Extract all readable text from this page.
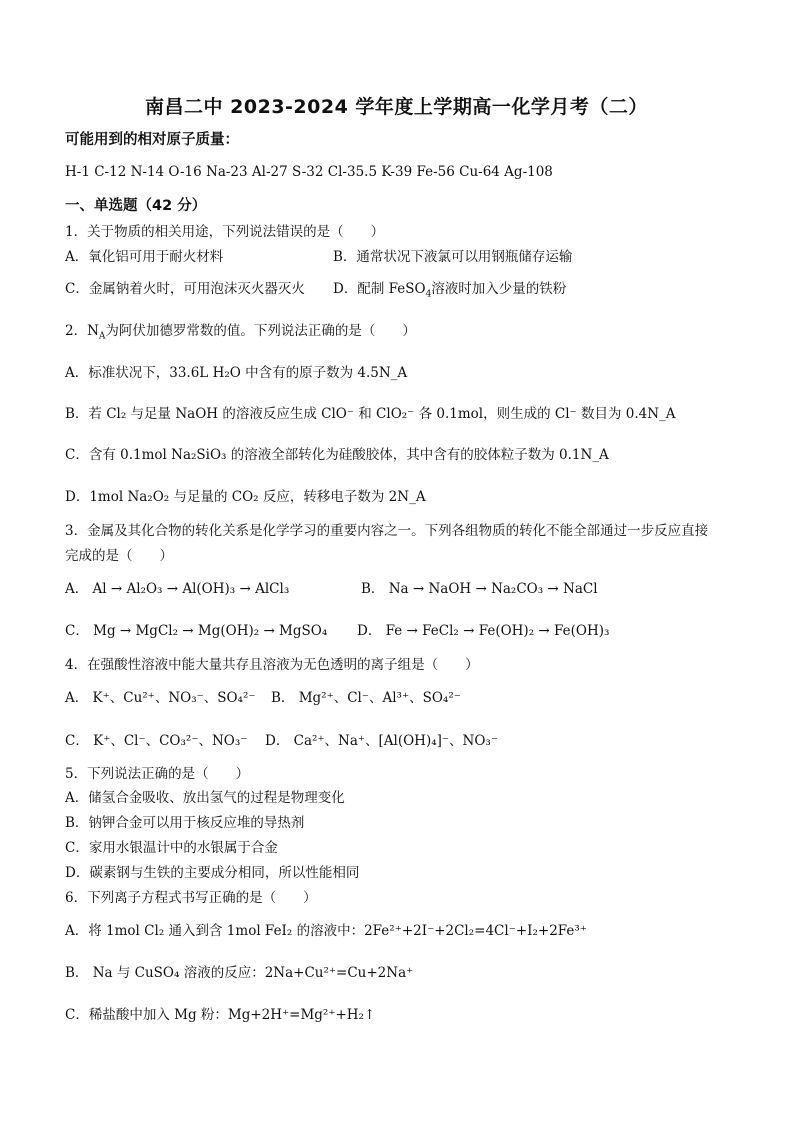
南昌二中 2023-2024 学年度上学期高一化学月考（二）
可能用到的相对原子质量：
H-1 C-12 N-14 O-16 Na-23 Al-27 S-32 Cl-35.5 K-39 Fe-56 Cu-64 Ag-108
一、单选题（42 分）
1．关于物质的相关用途，下列说法错误的是（　　）
A．氧化铝可用于耐火材料	B．通常状况下液氯可以用钢瓶储存运输
C．金属钠着火时，可用泡沫灭火器灭火 D．配制 FeSO$_4$溶液时加入少量的铁粉
2．$N_A$为阿伏加德罗常数的值。下列说法正确的是（　　）
A．标准状况下，33.6L H₂O 中含有的原子数为 4.5N_A
B．若 Cl₂ 与足量 NaOH 的溶液反应生成 ClO⁻ 和 ClO₂⁻ 各 0.1mol，则生成的 Cl⁻ 数目为 0.4N_A
C．含有 0.1mol Na₂SiO₃ 的溶液全部转化为硅酸胶体，其中含有的胶体粒子数为 0.1N_A
D．1mol Na₂O₂ 与足量的 CO₂ 反应，转移电子数为 2N_A
3．金属及其化合物的转化关系是化学学习的重要内容之一。下列各组物质的转化不能全部通过一步反应直接
完成的是（　　）
A． Al → Al₂O₃ → Al(OH)₃ → AlCl₃	B． Na → NaOH → Na₂CO₃ → NaCl
C． Mg → MgCl₂ → Mg(OH)₂ → MgSO₄ D． Fe → FeCl₂ → Fe(OH)₂ → Fe(OH)₃
4．在强酸性溶液中能大量共存且溶液为无色透明的离子组是（　　）
A． K⁺、Cu²⁺、NO₃⁻、SO₄²⁻ B． Mg²⁺、Cl⁻、Al³⁺、SO₄²⁻
C． K⁺、Cl⁻、CO₃²⁻、NO₃⁻ D． Ca²⁺、Na⁺、[Al(OH)₄]⁻、NO₃⁻
5．下列说法正确的是（　　）
A．储氢合金吸收、放出氢气的过程是物理变化
B．钠钾合金可以用于核反应堆的导热剂
C．家用水银温计中的水银属于合金
D．碳素钢与生铁的主要成分相同，所以性能相同
6．下列离子方程式书写正确的是（　　）
A．将 1mol Cl₂ 通入到含 1mol FeI₂ 的溶液中：2Fe²⁺+2I⁻+2Cl₂=4Cl⁻+I₂+2Fe³⁺
B． Na 与 CuSO₄ 溶液的反应：2Na+Cu²⁺=Cu+2Na⁺
C．稀盐酸中加入 Mg 粉：Mg+2H⁺=Mg²⁺+H₂↑
